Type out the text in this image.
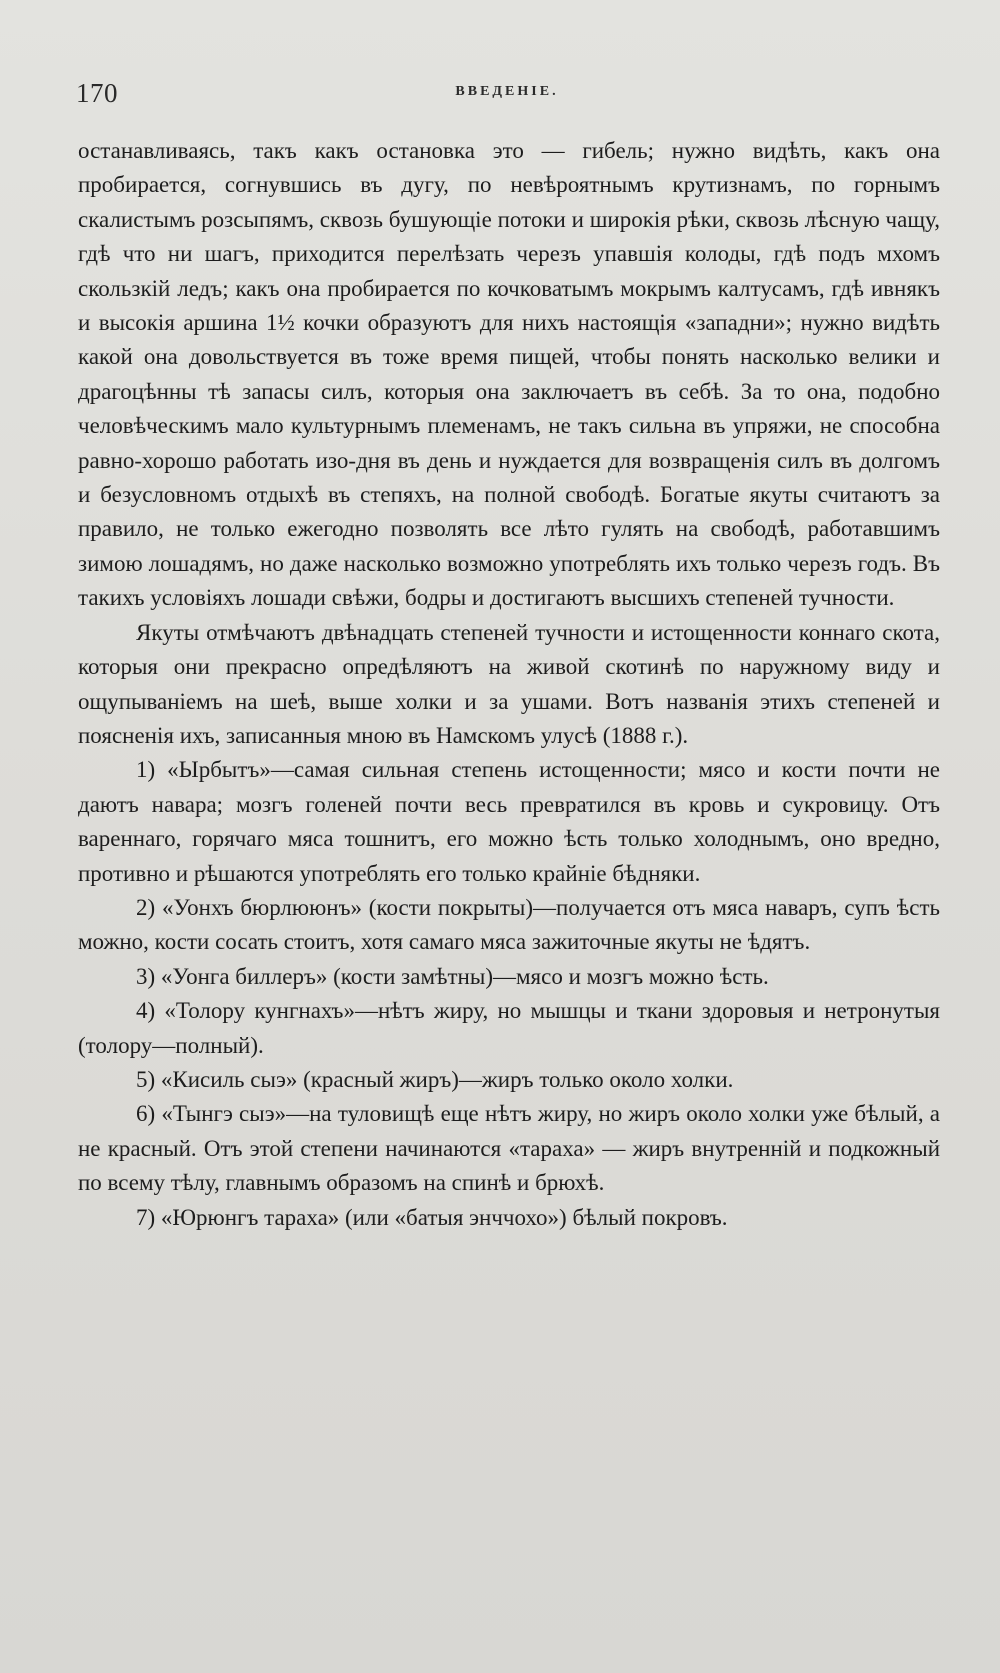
170	ВВЕДЕНІЕ.

останавливаясь, такъ какъ остановка это — гибель; нужно видѣть, какъ она пробирается, согнувшись въ дугу, по невѣроятнымъ крутизнамъ, по горнымъ скалистымъ розсыпямъ, сквозь бушующіе потоки и широкія рѣки, сквозь лѣсную чащу, гдѣ что ни шагъ, приходится перелѣзать черезъ упавшія колоды, гдѣ подъ мхомъ скользкій ледъ; какъ она пробирается по кочковатымъ мокрымъ калтусамъ, гдѣ ивнякъ и высокія аршина 1½ кочки образуютъ для нихъ настоящія «западни»; нужно видѣть какой она довольствуется въ тоже время пищей, чтобы понять насколько велики и драгоцѣнны тѣ запасы силъ, которыя она заключаетъ въ себѣ. За то она, подобно человѣческимъ мало культурнымъ племенамъ, не такъ сильна въ упряжи, не способна равно-хорошо работать изо-дня въ день и нуждается для возвращенія силъ въ долгомъ и безусловномъ отдыхѣ въ степяхъ, на полной свободѣ. Богатые якуты считаютъ за правило, не только ежегодно позволять все лѣто гулять на свободѣ, работавшимъ зимою лошадямъ, но даже насколько возможно употреблять ихъ только черезъ годъ. Въ такихъ условіяхъ лошади свѣжи, бодры и достигаютъ высшихъ степеней тучности.

Якуты отмѣчаютъ двѣнадцать степеней тучности и истощенности коннаго скота, которыя они прекрасно опредѣляютъ на живой скотинѣ по наружному виду и ощупываніемъ на шеѣ, выше холки и за ушами. Вотъ названія этихъ степеней и поясненія ихъ, записанныя мною въ Намскомъ улусѣ (1888 г.).

1) «Ырбытъ»—самая сильная степень истощенности; мясо и кости почти не даютъ навара; мозгъ голеней почти весь превратился въ кровь и сукровицу. Отъ вареннаго, горячаго мяса тошнитъ, его можно ѣсть только холоднымъ, оно вредно, противно и рѣшаются употреблять его только крайніе бѣдняки.

2) «Уонхъ бюрлююнъ» (кости покрыты)—получается отъ мяса наваръ, супъ ѣсть можно, кости сосать стоитъ, хотя самаго мяса зажиточные якуты не ѣдятъ.

3) «Уонга биллеръ» (кости замѣтны)—мясо и мозгъ можно ѣсть.

4) «Толору кунгнахъ»—нѣтъ жиру, но мышцы и ткани здоровыя и нетронутыя (толору—полный).

5) «Кисиль сыэ» (красный жиръ)—жиръ только около холки.

6) «Тынгэ сыэ»—на туловищѣ еще нѣтъ жиру, но жиръ около холки уже бѣлый, а не красный. Отъ этой степени начинаются «тараха» — жиръ внутренній и подкожный по всему тѣлу, главнымъ образомъ на спинѣ и брюхѣ.

7) «Юрюнгъ тараха» (или «батыя энччохо») бѣлый покровъ.
